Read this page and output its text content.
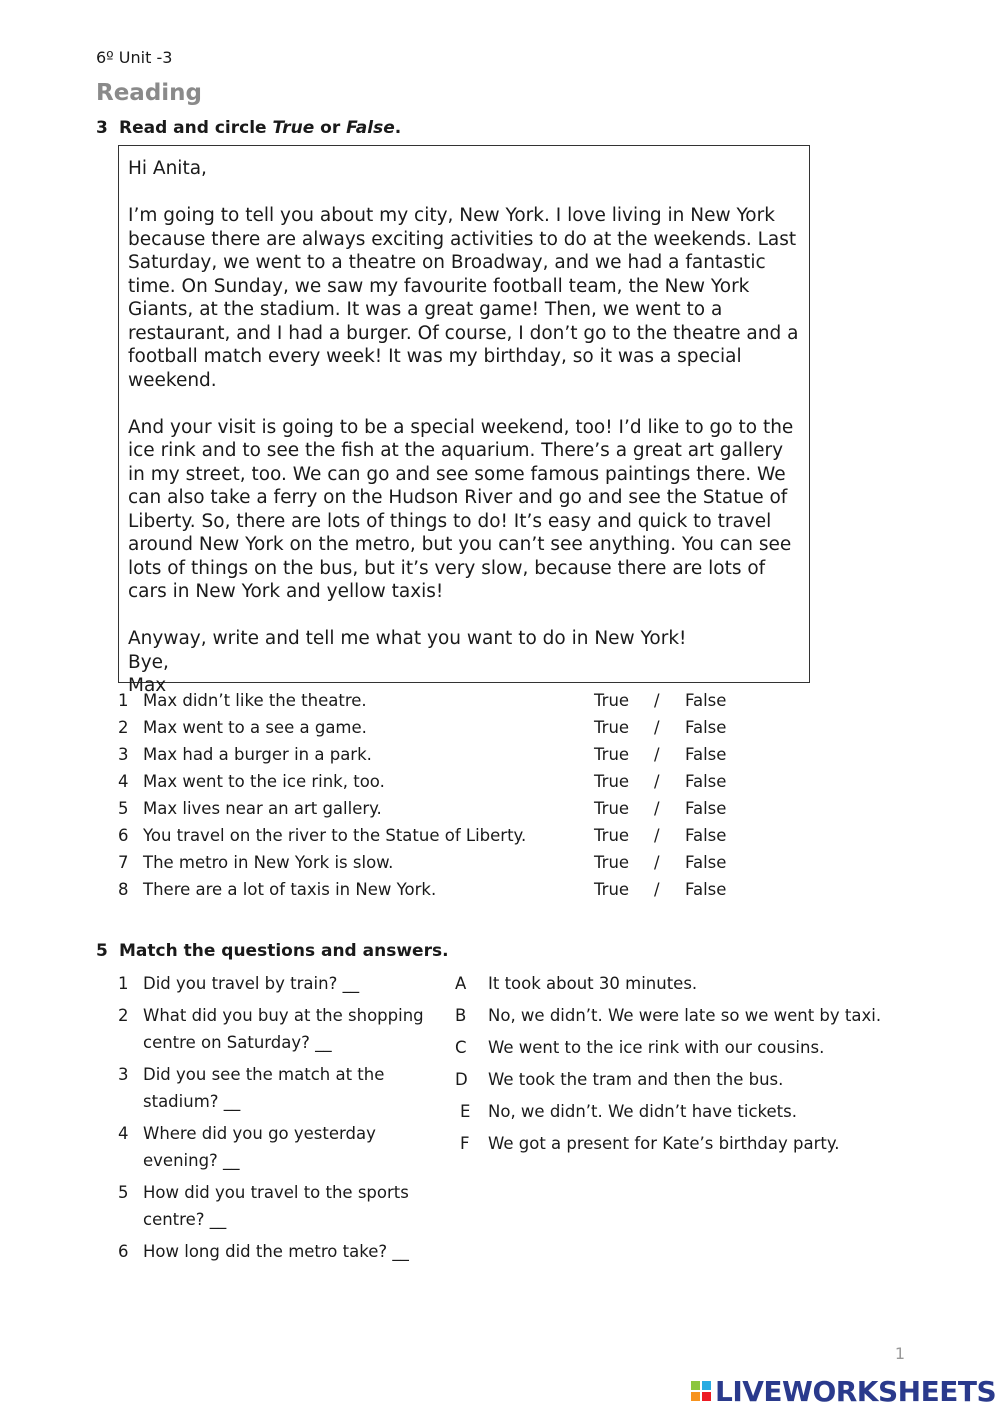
6º Unit -3
Reading
3 Read and circle True or False.

Hi Anita,

I’m going to tell you about my city, New York. I love living in New York because there are always exciting activities to do at the weekends. Last Saturday, we went to a theatre on Broadway, and we had a fantastic time. On Sunday, we saw my favourite football team, the New York Giants, at the stadium. It was a great game! Then, we went to a restaurant, and I had a burger. Of course, I don’t go to the theatre and a football match every week! It was my birthday, so it was a special weekend.

And your visit is going to be a special weekend, too! I’d like to go to the ice rink and to see the fish at the aquarium. There’s a great art gallery in my street, too. We can go and see some famous paintings there. We can also take a ferry on the Hudson River and go and see the Statue of Liberty. So, there are lots of things to do! It’s easy and quick to travel around New York on the metro, but you can’t see anything. You can see lots of things on the bus, but it’s very slow, because there are lots of cars in New York and yellow taxis!

Anyway, write and tell me what you want to do in New York!

Bye,

Max

1 Max didn’t like the theatre.	True / False
2 Max went to a see a game.	True / False
3 Max had a burger in a park.	True / False
4 Max went to the ice rink, too.	True / False
5 Max lives near an art gallery.	True / False
6 You travel on the river to the Statue of Liberty.	True / False
7 The metro in New York is slow.	True / False
8 There are a lot of taxis in New York.	True / False
5 Match the questions and answers.
1 Did you travel by train? __
2 What did you buy at the shopping centre on Saturday? __
3 Did you see the match at the stadium? __
4 Where did you go yesterday evening? __
5 How did you travel to the sports centre? __
6 How long did the metro take? __
A It took about 30 minutes.
B No, we didn’t. We were late so we went by taxi.
C We went to the ice rink with our cousins.
D We took the tram and then the bus.
E No, we didn’t. We didn’t have tickets.
F We got a present for Kate’s birthday party.
1
LIVEWORKSHEETS
